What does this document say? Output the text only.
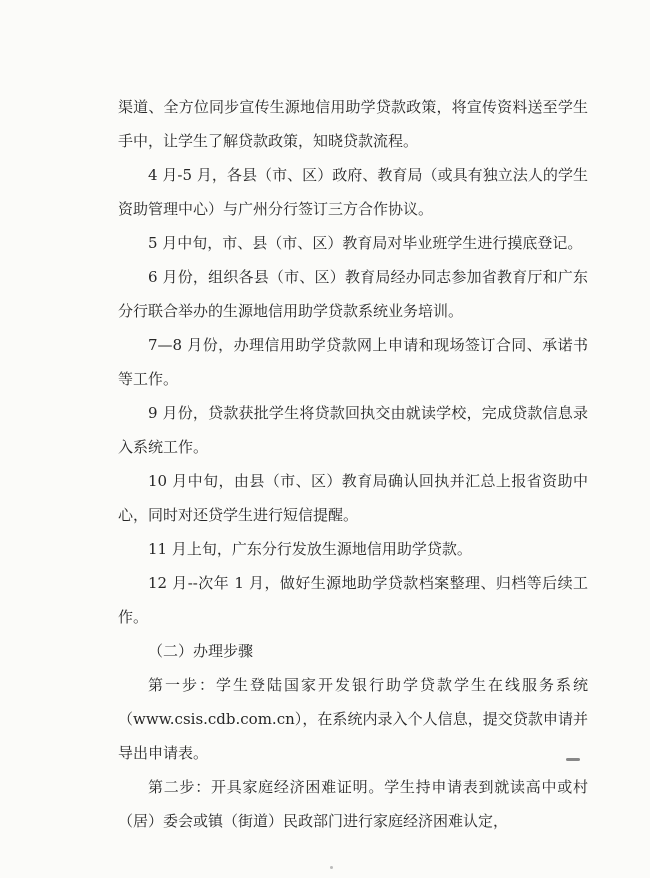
渠道、全方位同步宣传生源地信用助学贷款政策，将宣传资料送至学生手中，让学生了解贷款政策，知晓贷款流程。

4 月-5 月，各县（市、区）政府、教育局（或具有独立法人的学生资助管理中心）与广州分行签订三方合作协议。

5 月中旬，市、县（市、区）教育局对毕业班学生进行摸底登记。

6 月份，组织各县（市、区）教育局经办同志参加省教育厅和广东分行联合举办的生源地信用助学贷款系统业务培训。

7—8 月份，办理信用助学贷款网上申请和现场签订合同、承诺书等工作。

9 月份，贷款获批学生将贷款回执交由就读学校，完成贷款信息录入系统工作。

10 月中旬，由县（市、区）教育局确认回执并汇总上报省资助中心，同时对还贷学生进行短信提醒。

11 月上旬，广东分行发放生源地信用助学贷款。

12 月--次年 1 月，做好生源地助学贷款档案整理、归档等后续工作。

（二）办理步骤

第一步：学生登陆国家开发银行助学贷款学生在线服务系统（www.csis.cdb.com.cn），在系统内录入个人信息，提交贷款申请并导出申请表。

第二步：开具家庭经济困难证明。学生持申请表到就读高中或村（居）委会或镇（街道）民政部门进行家庭经济困难认定，
